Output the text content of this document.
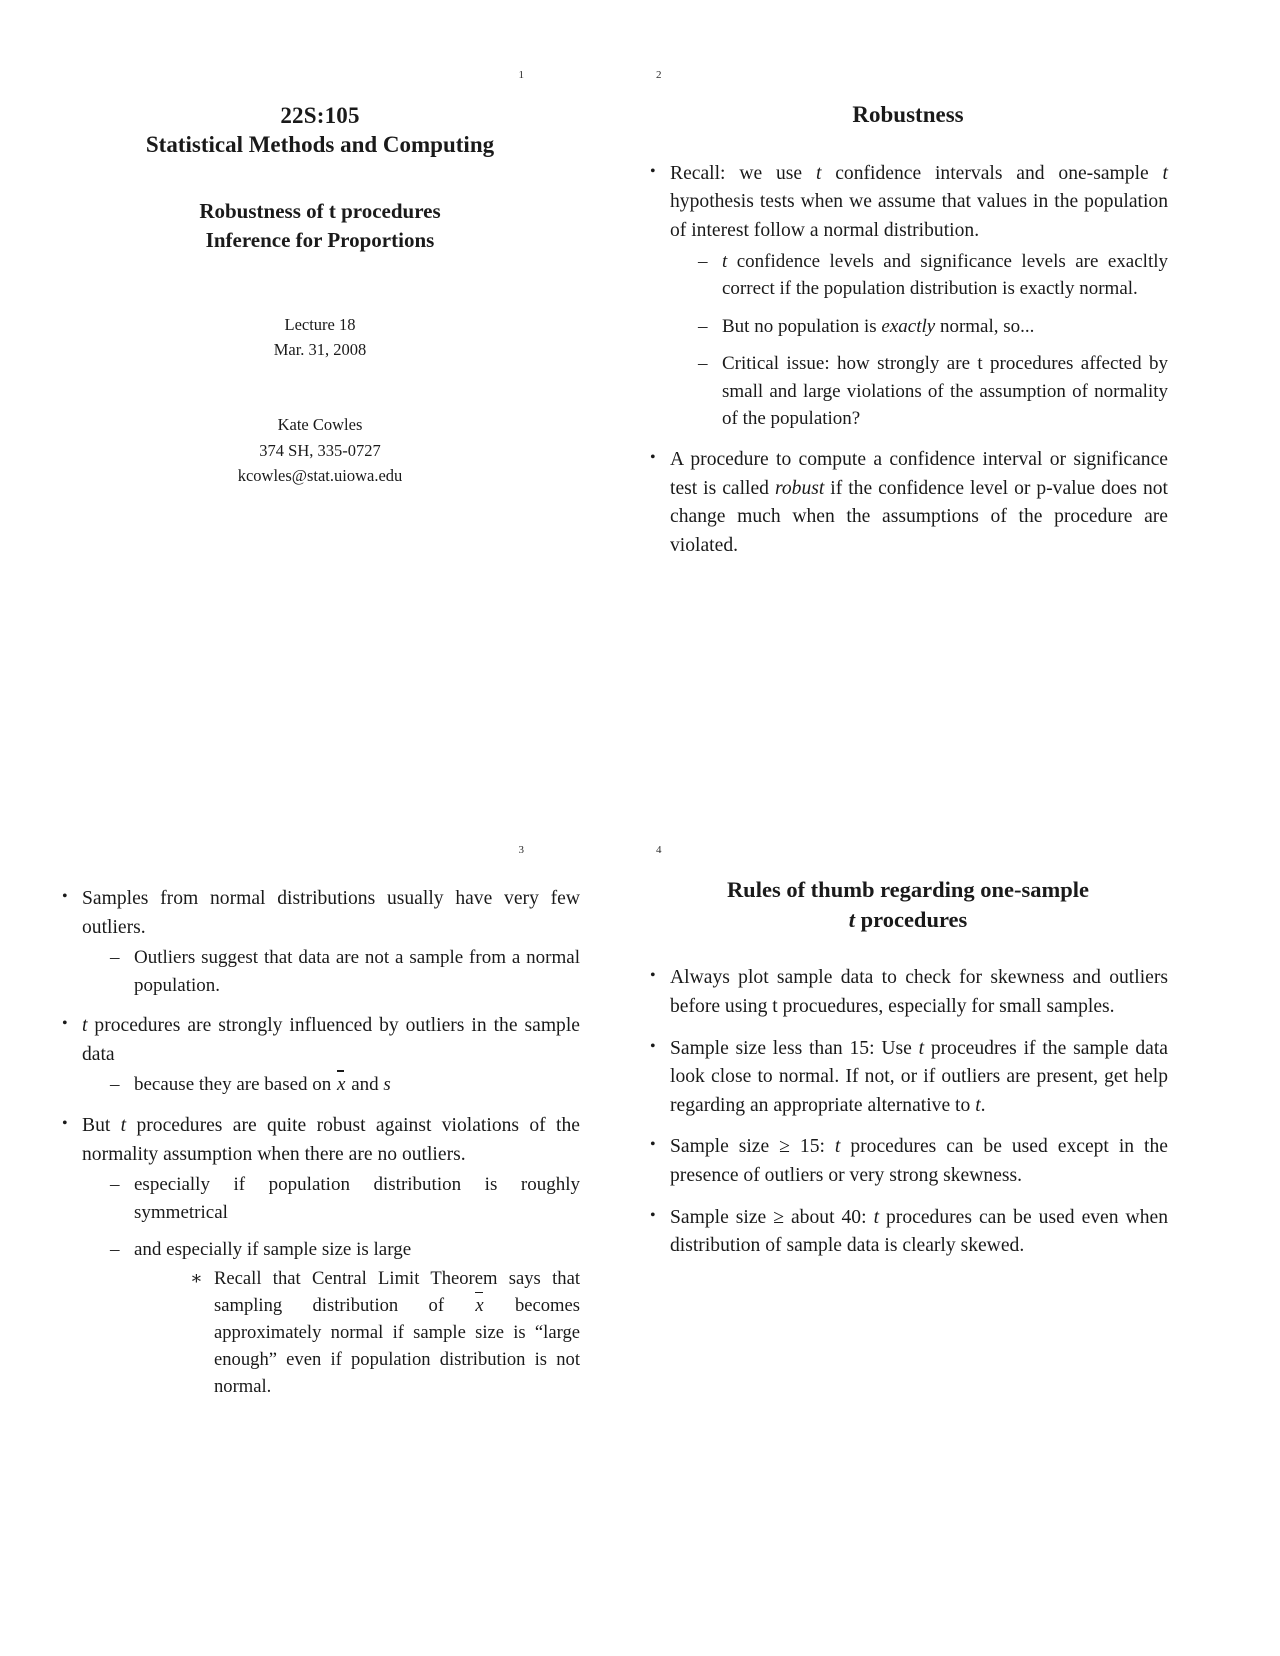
1
22S:105
Statistical Methods and Computing
Robustness of t procedures
Inference for Proportions
Lecture 18
Mar. 31, 2008
Kate Cowles
374 SH, 335-0727
kcowles@stat.uiowa.edu
2
Robustness
• Recall: we use t confidence intervals and one-sample t hypothesis tests when we assume that values in the population of interest follow a normal distribution.
– t confidence levels and significance levels are exacltly correct if the population distribution is exactly normal.
– But no population is exactly normal, so...
– Critical issue: how strongly are t procedures affected by small and large violations of the assumption of normality of the population?
• A procedure to compute a confidence interval or significance test is called robust if the confidence level or p-value does not change much when the assumptions of the procedure are violated.
3
• Samples from normal distributions usually have very few outliers.
– Outliers suggest that data are not a sample from a normal population.
• t procedures are strongly influenced by outliers in the sample data
– because they are based on x and s
• But t procedures are quite robust against violations of the normality assumption when there are no outliers.
– especially if population distribution is roughly symmetrical
– and especially if sample size is large
∗ Recall that Central Limit Theorem says that sampling distribution of x becomes approximately normal if sample size is “large enough” even if population distribution is not normal.
4
Rules of thumb regarding one-sample
t procedures
• Always plot sample data to check for skewness and outliers before using t procuedures, especially for small samples.
• Sample size less than 15: Use t proceudres if the sample data look close to normal. If not, or if outliers are present, get help regarding an appropriate alternative to t.
• Sample size ≥ 15: t procedures can be used except in the presence of outliers or very strong skewness.
• Sample size ≥ about 40: t procedures can be used even when distribution of sample data is clearly skewed.
